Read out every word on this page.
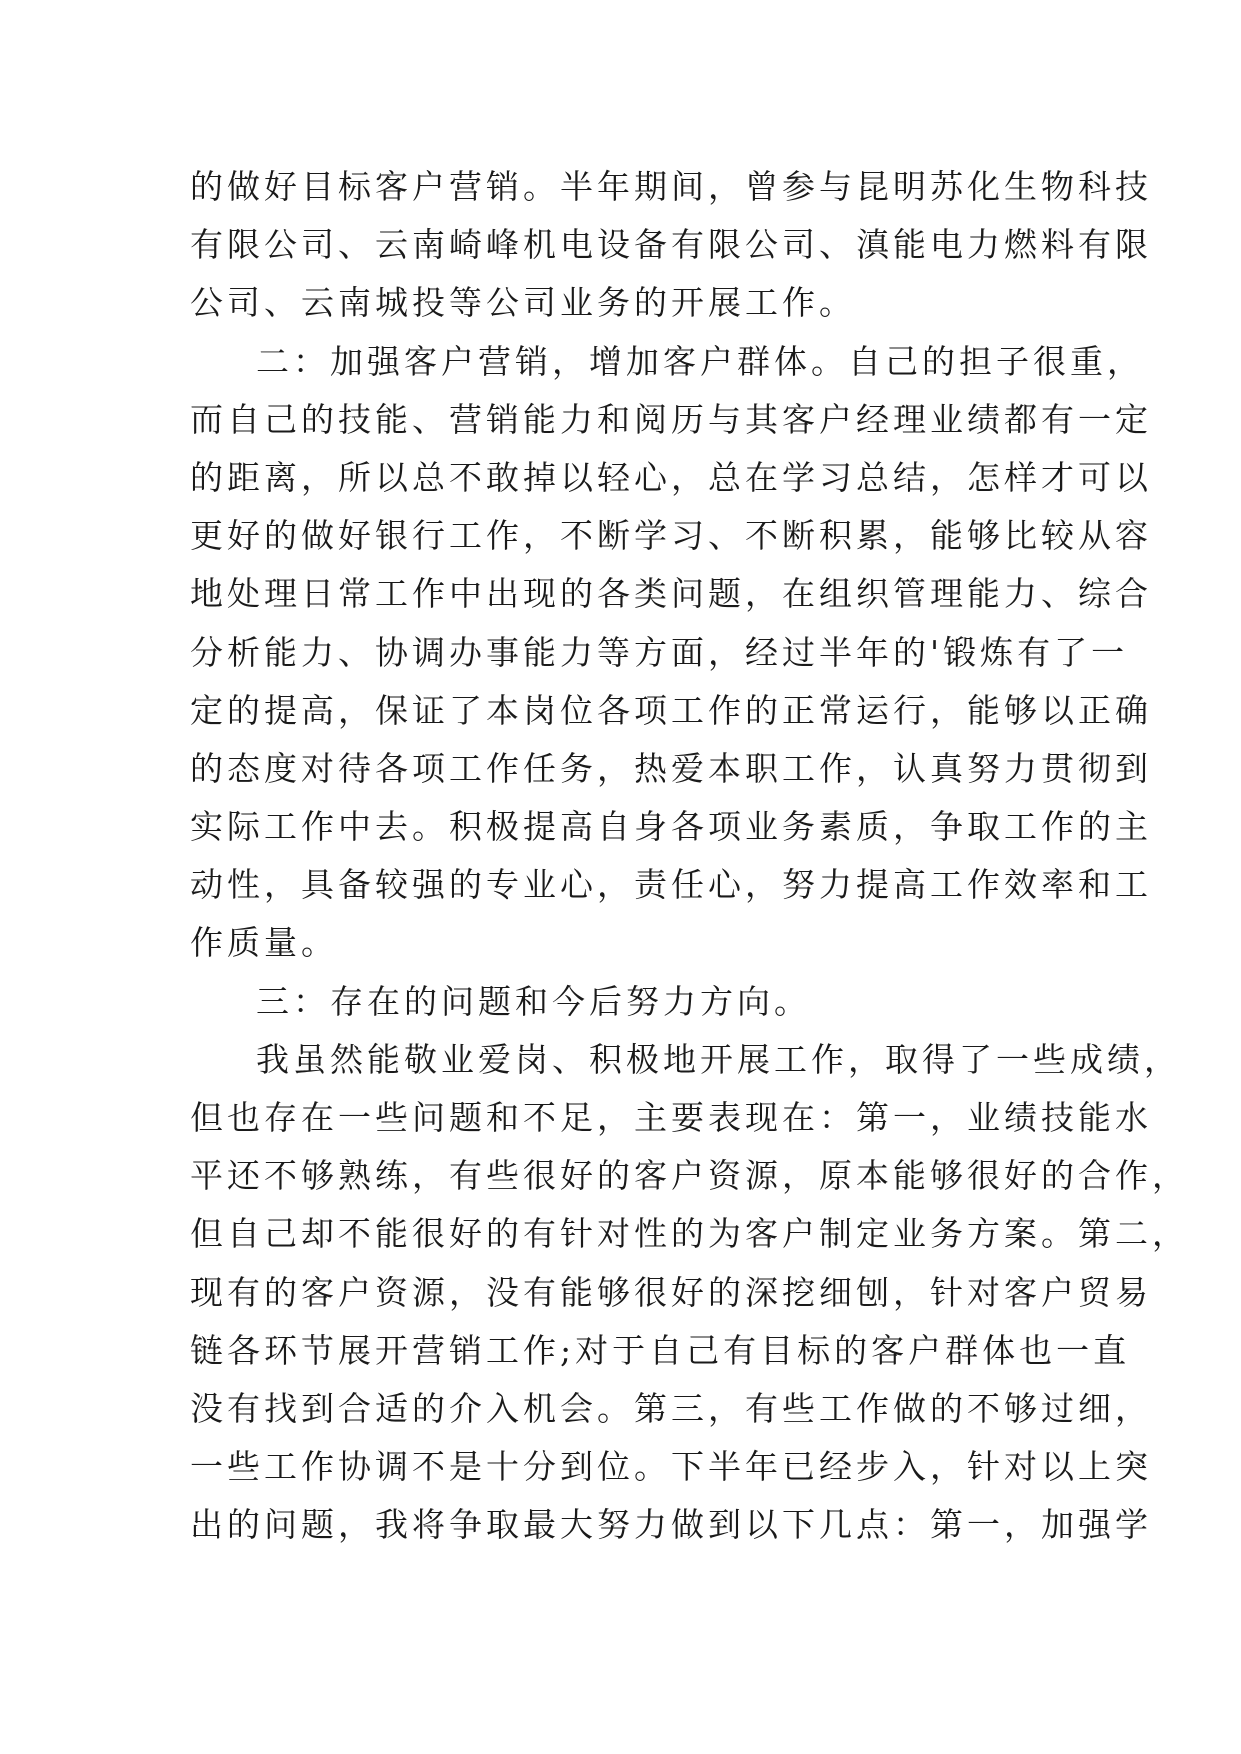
的做好目标客户营销。半年期间，曾参与昆明苏化生物科技
有限公司、云南崎峰机电设备有限公司、滇能电力燃料有限
公司、云南城投等公司业务的开展工作。
二：加强客户营销，增加客户群体。自己的担子很重，
而自己的技能、营销能力和阅历与其客户经理业绩都有一定
的距离，所以总不敢掉以轻心，总在学习总结，怎样才可以
更好的做好银行工作，不断学习、不断积累，能够比较从容
地处理日常工作中出现的各类问题，在组织管理能力、综合
分析能力、协调办事能力等方面，经过半年的'锻炼有了一
定的提高，保证了本岗位各项工作的正常运行，能够以正确
的态度对待各项工作任务，热爱本职工作，认真努力贯彻到
实际工作中去。积极提高自身各项业务素质，争取工作的主
动性，具备较强的专业心，责任心，努力提高工作效率和工
作质量。
三：存在的问题和今后努力方向。
我虽然能敬业爱岗、积极地开展工作，取得了一些成绩，
但也存在一些问题和不足，主要表现在：第一，业绩技能水
平还不够熟练，有些很好的客户资源，原本能够很好的合作，
但自己却不能很好的有针对性的为客户制定业务方案。第二，
现有的客户资源，没有能够很好的深挖细刨，针对客户贸易
链各环节展开营销工作;对于自己有目标的客户群体也一直
没有找到合适的介入机会。第三，有些工作做的不够过细，
一些工作协调不是十分到位。下半年已经步入，针对以上突
出的问题，我将争取最大努力做到以下几点：第一，加强学
